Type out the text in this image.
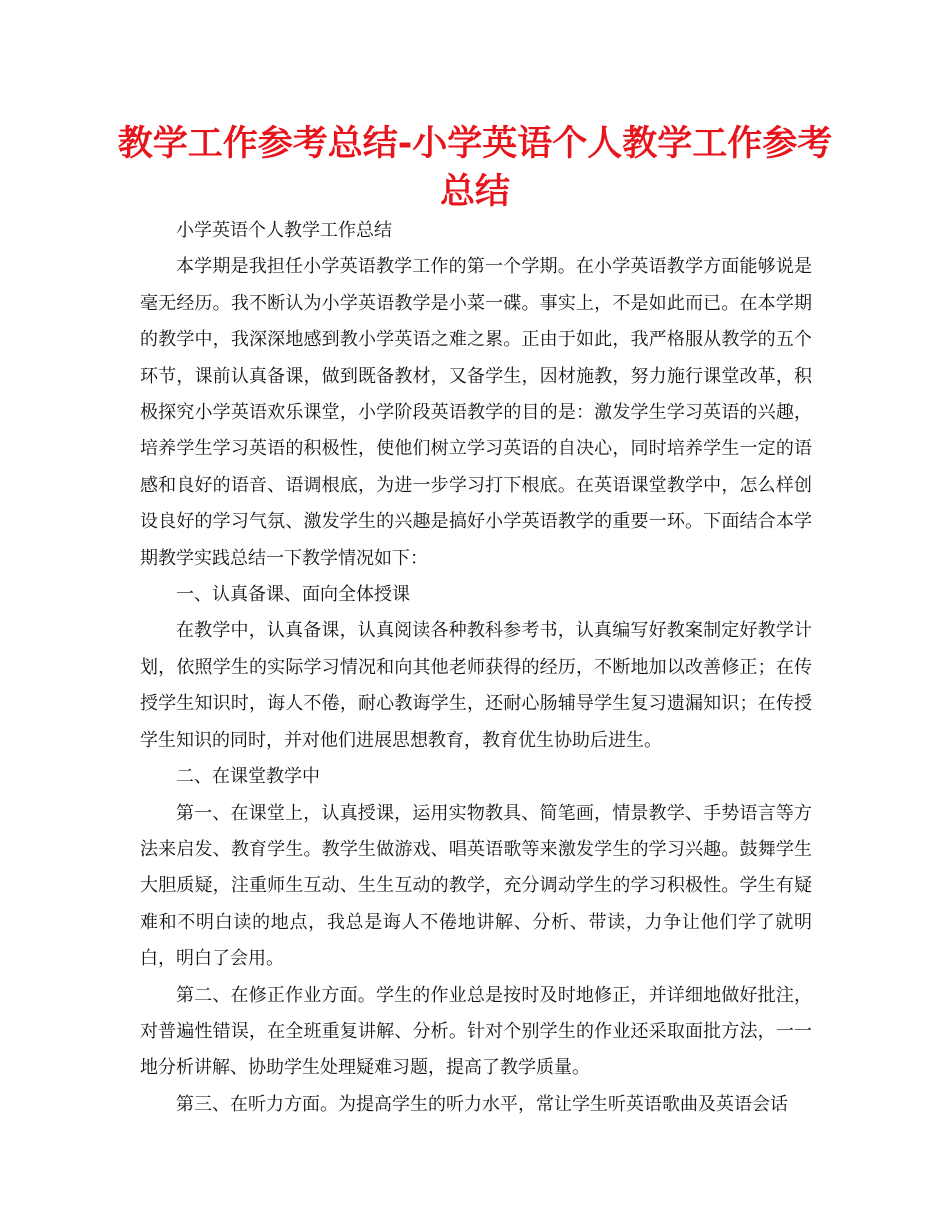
教学工作参考总结-小学英语个人教学工作参考总结

小学英语个人教学工作总结

本学期是我担任小学英语教学工作的第一个学期。在小学英语教学方面能够说是毫无经历。我不断认为小学英语教学是小菜一碟。事实上，不是如此而已。在本学期的教学中，我深深地感到教小学英语之难之累。正由于如此，我严格服从教学的五个环节，课前认真备课，做到既备教材，又备学生，因材施教，努力施行课堂改革，积极探究小学英语欢乐课堂，小学阶段英语教学的目的是：激发学生学习英语的兴趣，培养学生学习英语的积极性，使他们树立学习英语的自决心，同时培养学生一定的语感和良好的语音、语调根底，为进一步学习打下根底。在英语课堂教学中，怎么样创设良好的学习气氛、激发学生的兴趣是搞好小学英语教学的重要一环。下面结合本学期教学实践总结一下教学情况如下：

一、认真备课、面向全体授课

在教学中，认真备课，认真阅读各种教科参考书，认真编写好教案制定好教学计划，依照学生的实际学习情况和向其他老师获得的经历，不断地加以改善修正；在传授学生知识时，诲人不倦，耐心教诲学生，还耐心肠辅导学生复习遗漏知识；在传授学生知识的同时，并对他们进展思想教育，教育优生协助后进生。

二、在课堂教学中

第一、在课堂上，认真授课，运用实物教具、简笔画，情景教学、手势语言等方法来启发、教育学生。教学生做游戏、唱英语歌等来激发学生的学习兴趣。鼓舞学生大胆质疑，注重师生互动、生生互动的教学，充分调动学生的学习积极性。学生有疑难和不明白读的地点，我总是诲人不倦地讲解、分析、带读，力争让他们学了就明白，明白了会用。

第二、在修正作业方面。学生的作业总是按时及时地修正，并详细地做好批注，对普遍性错误，在全班重复讲解、分析。针对个别学生的作业还采取面批方法，一一地分析讲解、协助学生处理疑难习题，提高了教学质量。

第三、在听力方面。为提高学生的听力水平，常让学生听英语歌曲及英语会话
